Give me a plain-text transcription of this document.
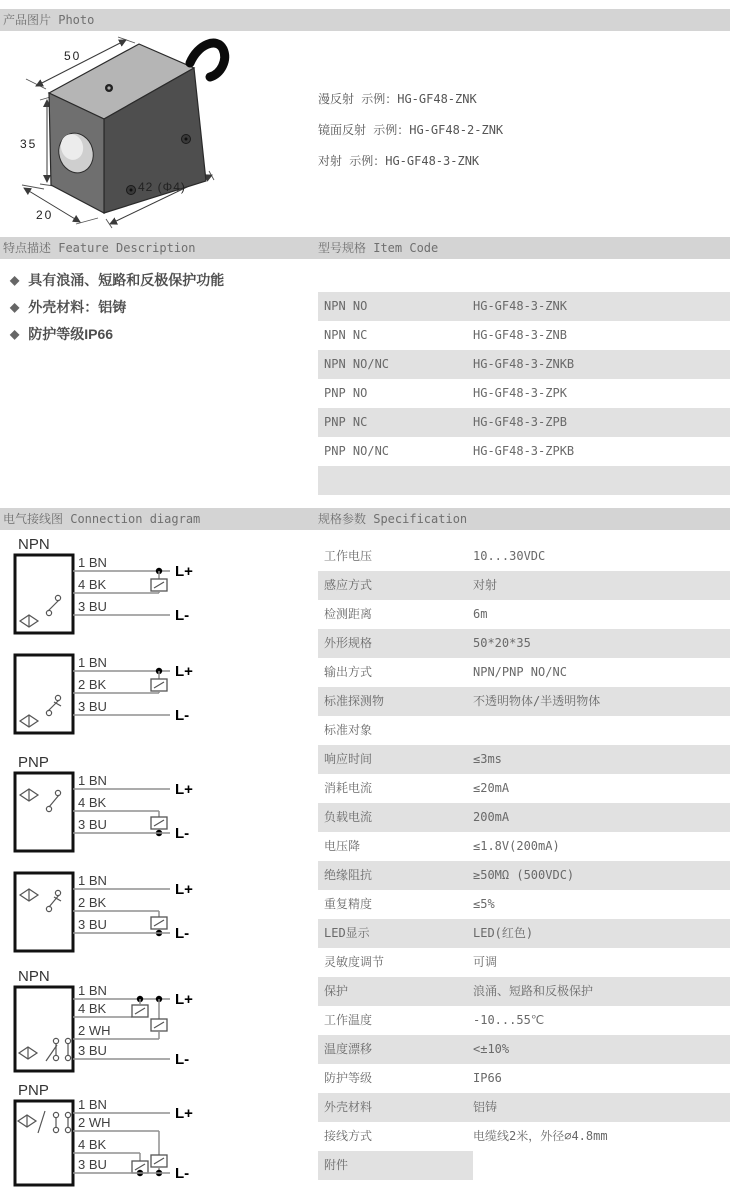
产品图片 Photo
50
35
20
42 (Φ4)
漫反射 示例：HG-GF48-ZNK
镜面反射 示例：HG-GF48-2-ZNK
对射 示例：HG-GF48-3-ZNK
特点描述 Feature Description	型号规格 Item Code
◆ 具有浪涌、短路和反极保护功能
◆ 外壳材料：铝铸
◆ 防护等级IP66
NPN NO	HG-GF48-3-ZNK
NPN NC	HG-GF48-3-ZNB
NPN NO/NC	HG-GF48-3-ZNKB
PNP NO	HG-GF48-3-ZPK
PNP NC	HG-GF48-3-ZPB
PNP NO/NC	HG-GF48-3-ZPKB
电气接线图 Connection diagram	规格参数 Specification
NPN
L+
L-
1 BN
4 BK
3 BU
L+
L-
1 BN
2 BK
3 BU
PNP
L+
L-
1 BN
4 BK
3 BU
L+
L-
1 BN
2 BK
3 BU
NPN
L+
L-
1 BN
4 BK
2 WH
3 BU
PNP
L+
L-
1 BN
2 WH
4 BK
3 BU
工作电压	10...30VDC
感应方式	对射
检测距离	6m
外形规格	50*20*35
输出方式	NPN/PNP NO/NC
标准探测物	不透明物体/半透明物体
标准对象
响应时间	≤3ms
消耗电流	≤20mA
负载电流	200mA
电压降	≤1.8V(200mA)
绝缘阻抗	≥50MΩ (500VDC)
重复精度	≤5%
LED显示	LED(红色)
灵敏度调节	可调
保护	浪涌、短路和反极保护
工作温度	-10...55℃
温度漂移	<±10%
防护等级	IP66
外壳材料	铝铸
接线方式	电缆线2米，外径∅4.8mm
附件
